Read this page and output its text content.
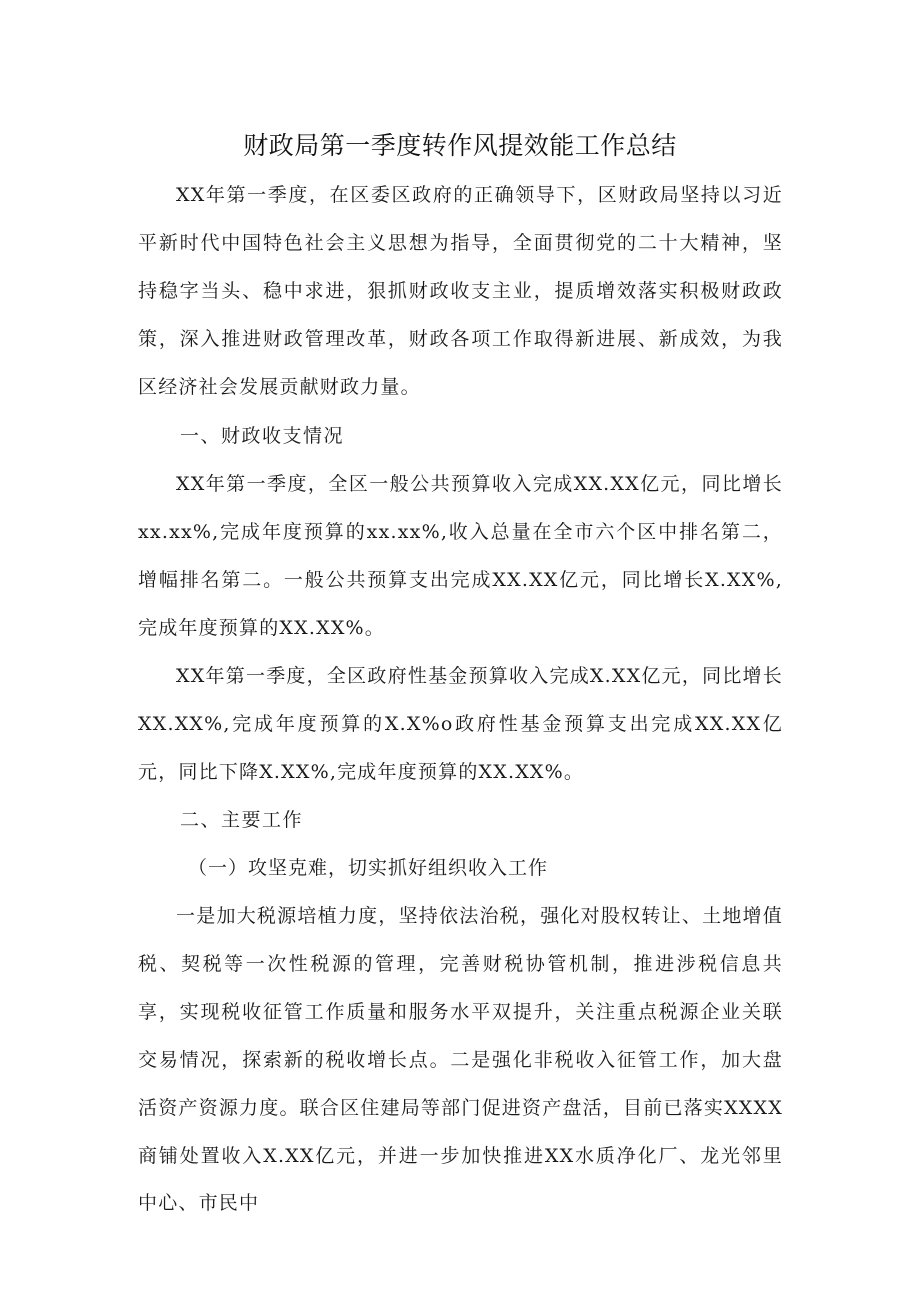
财政局第一季度转作风提效能工作总结

XX年第一季度，在区委区政府的正确领导下，区财政局坚持以习近平新时代中国特色社会主义思想为指导，全面贯彻党的二十大精神，坚持稳字当头、稳中求进，狠抓财政收支主业，提质增效落实积极财政政策，深入推进财政管理改革，财政各项工作取得新进展、新成效，为我区经济社会发展贡献财政力量。

一、财政收支情况

XX年第一季度，全区一般公共预算收入完成XX.XX亿元，同比增长xx.xx%,完成年度预算的xx.xx%,收入总量在全市六个区中排名第二，增幅排名第二。一般公共预算支出完成XX.XX亿元，同比增长X.XX%,完成年度预算的XX.XX%。

XX年第一季度，全区政府性基金预算收入完成X.XX亿元，同比增长XX.XX%,完成年度预算的X.X%o政府性基金预算支出完成XX.XX亿元，同比下降X.XX%,完成年度预算的XX.XX%。

二、主要工作

（一）攻坚克难，切实抓好组织收入工作

一是加大税源培植力度，坚持依法治税，强化对股权转让、土地增值税、契税等一次性税源的管理，完善财税协管机制，推进涉税信息共享，实现税收征管工作质量和服务水平双提升，关注重点税源企业关联交易情况，探索新的税收增长点。二是强化非税收入征管工作，加大盘活资产资源力度。联合区住建局等部门促进资产盘活，目前已落实XXXX商铺处置收入X.XX亿元，并进一步加快推进XX水质净化厂、龙光邻里中心、市民中
